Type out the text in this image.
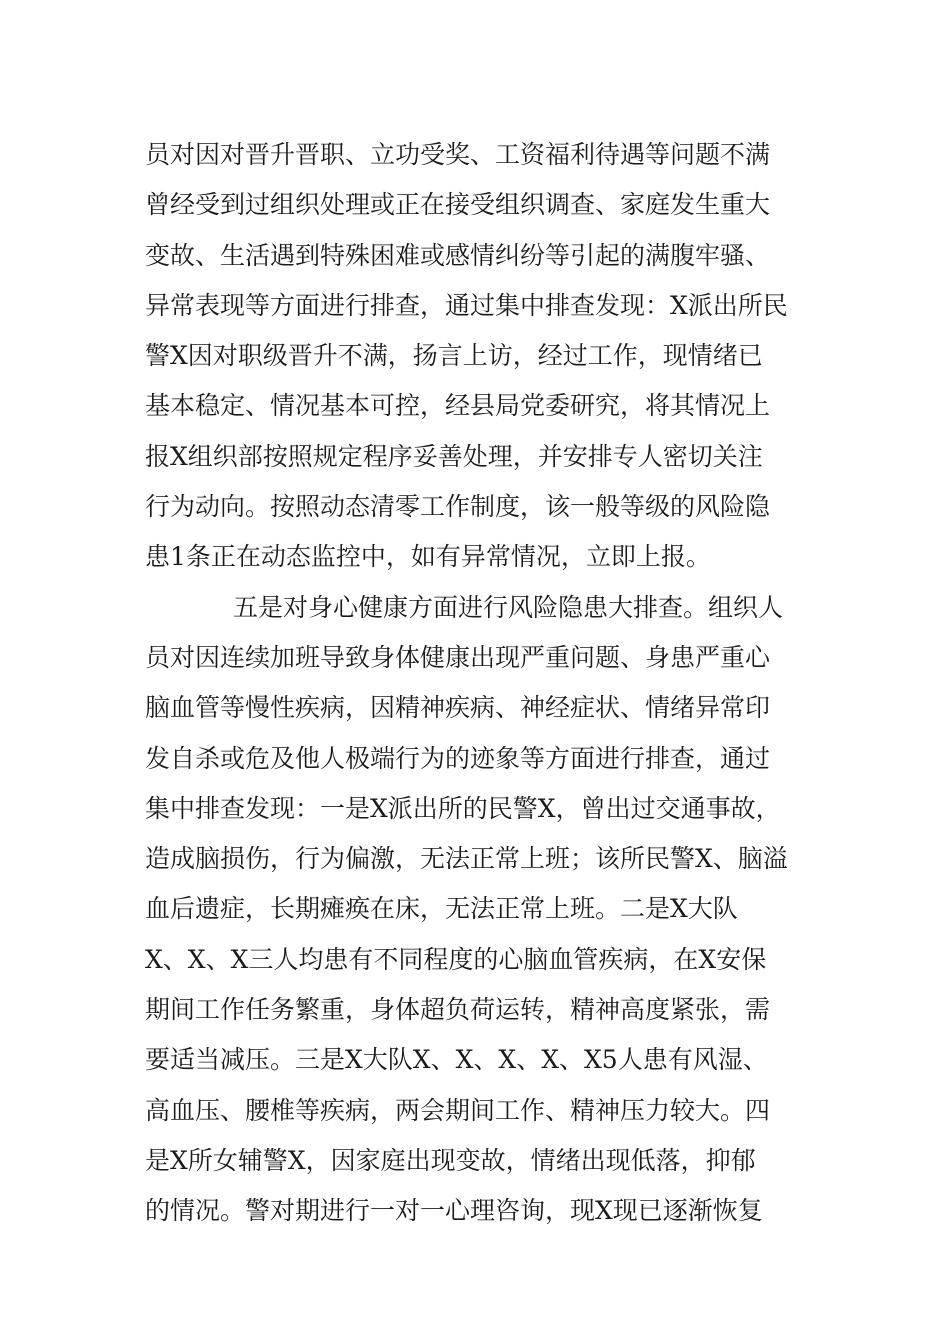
员对因对晋升晋职、立功受奖、工资福利待遇等问题不满
曾经受到过组织处理或正在接受组织调查、家庭发生重大
变故、生活遇到特殊困难或感情纠纷等引起的满腹牢骚、
异常表现等方面进行排查，通过集中排查发现：X派出所民
警X因对职级晋升不满，扬言上访，经过工作，现情绪已
基本稳定、情况基本可控，经县局党委研究，将其情况上
报X组织部按照规定程序妥善处理，并安排专人密切关注
行为动向。按照动态清零工作制度，该一般等级的风险隐
患1条正在动态监控中，如有异常情况，立即上报。
五是对身心健康方面进行风险隐患大排查。组织人
员对因连续加班导致身体健康出现严重问题、身患严重心
脑血管等慢性疾病，因精神疾病、神经症状、情绪异常印
发自杀或危及他人极端行为的迹象等方面进行排查，通过
集中排查发现：一是X派出所的民警X，曾出过交通事故，
造成脑损伤，行为偏激，无法正常上班；该所民警X、脑溢
血后遗症，长期瘫痪在床，无法正常上班。二是X大队
X、X、X三人均患有不同程度的心脑血管疾病，在X安保
期间工作任务繁重，身体超负荷运转，精神高度紧张，需
要适当减压。三是X大队X、X、X、X、X5人患有风湿、
高血压、腰椎等疾病，两会期间工作、精神压力较大。四
是X所女辅警X，因家庭出现变故，情绪出现低落，抑郁
的情况。警对期进行一对一心理咨询，现X现已逐渐恢复
